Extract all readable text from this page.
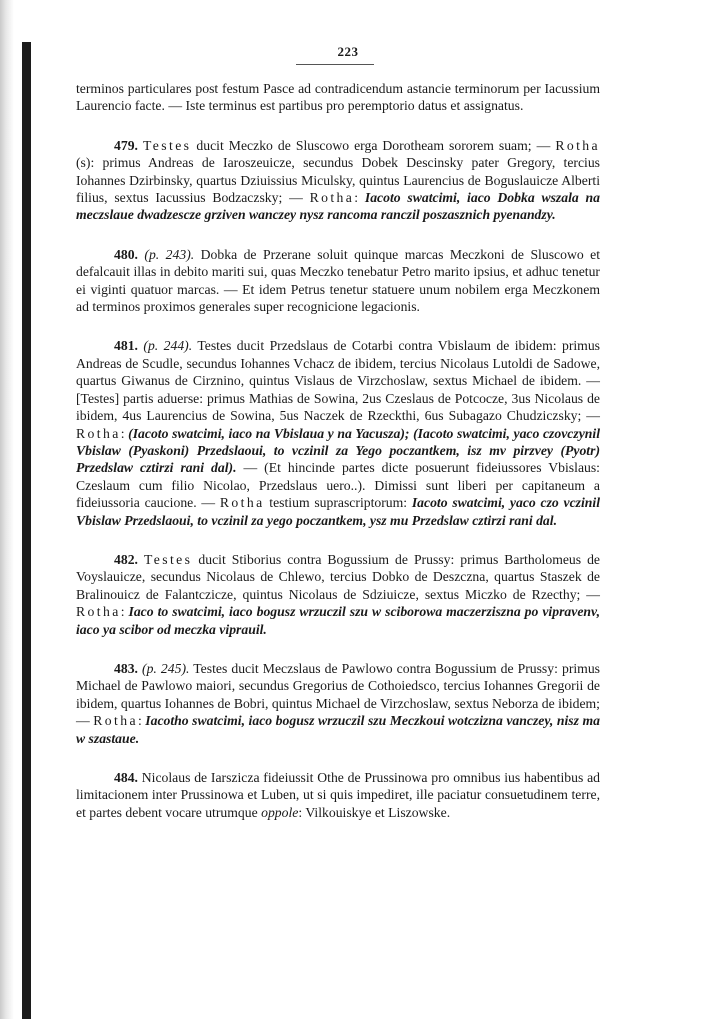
223

terminos particulares post festum Pasce ad contradicendum astancie terminorum per Iacussium Laurencio facte. — Iste terminus est partibus pro peremptorio datus et assignatus.

479. Testes ducit Meczko de Sluscowo erga Dorotheam sororem suam; — Rotha (s): primus Andreas de Iaroszeuicze, secundus Dobek Descinsky pater Gregory, tercius Iohannes Dzirbinsky, quartus Dziuissius Miculsky, quintus Laurencius de Boguslauicze Alberti filius, sextus Iacussius Bodzaczsky; — Rotha: Iacoto swatcimi, iaco Dobka wszala na meczslaue dwadzescze grziven wanczey nysz rancoma ranczil poszasznich pyenandzy.

480. (p. 243). Dobka de Przerane soluit quinque marcas Meczkoni de Sluscowo et defalcauit illas in debito mariti sui, quas Meczko tenebatur Petro marito ipsius, et adhuc tenetur ei viginti quatuor marcas. — Et idem Petrus tenetur statuere unum nobilem erga Meczkonem ad terminos proximos generales super recognicione legacionis.

481. (p. 244). Testes ducit Przedslaus de Cotarbi contra Vbislaum de ibidem: primus Andreas de Scudle, secundus Iohannes Vchacz de ibidem, tercius Nicolaus Lutoldi de Sadowe, quartus Giwanus de Cirznino, quintus Vislaus de Virzchoslaw, sextus Michael de ibidem. — [Testes] partis aduerse: primus Mathias de Sowina, 2us Czeslaus de Potcocze, 3us Nicolaus de ibidem, 4us Laurencius de Sowina, 5us Naczek de Rzeckthi, 6us Subagazo Chudziczsky; — Rotha: (Iacoto swatcimi, iaco na Vbislaua y na Yacusza); (Iacoto swatcimi, yaco czovczynil Vbislaw (Pyaskoni) Przedslaoui, to vczinil za Yego poczantkem, isz mv pirzvey (Pyotr) Przedslaw cztirzi rani dal). — (Et hincinde partes dicte posuerunt fideiussores Vbislaus: Czeslaum cum filio Nicolao, Przedslaus uero..). Dimissi sunt liberi per capitaneum a fideiussoria caucione. — Rotha testium suprascriptorum: Iacoto swatcimi, yaco czo vczinil Vbislaw Przedslaoui, to vczinil za yego poczantkem, ysz mu Przedslaw cztirzi rani dal.

482. Testes ducit Stiborius contra Bogussium de Prussy: primus Bartholomeus de Voyslauicze, secundus Nicolaus de Chlewo, tercius Dobko de Deszczna, quartus Staszek de Bralinouicz de Falantczicze, quintus Nicolaus de Sdziuicze, sextus Miczko de Rzecthy; — Rotha: Iaco to swatcimi, iaco bogusz wrzuczil szu w sciborowa maczerziszna po vipravenv, iaco ya scibor od meczka viprauil.

483. (p. 245). Testes ducit Meczslaus de Pawlowo contra Bogussium de Prussy: primus Michael de Pawlowo maiori, secundus Gregorius de Cothoiedsco, tercius Iohannes Gregorii de ibidem, quartus Iohannes de Bobri, quintus Michael de Virzchoslaw, sextus Neborza de ibidem; — Rotha: Iacotho swatcimi, iaco bogusz wrzuczil szu Meczkoui wotczizna vanczey, nisz ma w szastaue.

484. Nicolaus de Iarszicza fideiussit Othe de Prussinowa pro omnibus ius habentibus ad limitacionem inter Prussinowa et Luben, ut si quis impediret, ille paciatur consuetudinem terre, et partes debent vocare utrumque oppole: Vilkouiskye et Liszowske.
